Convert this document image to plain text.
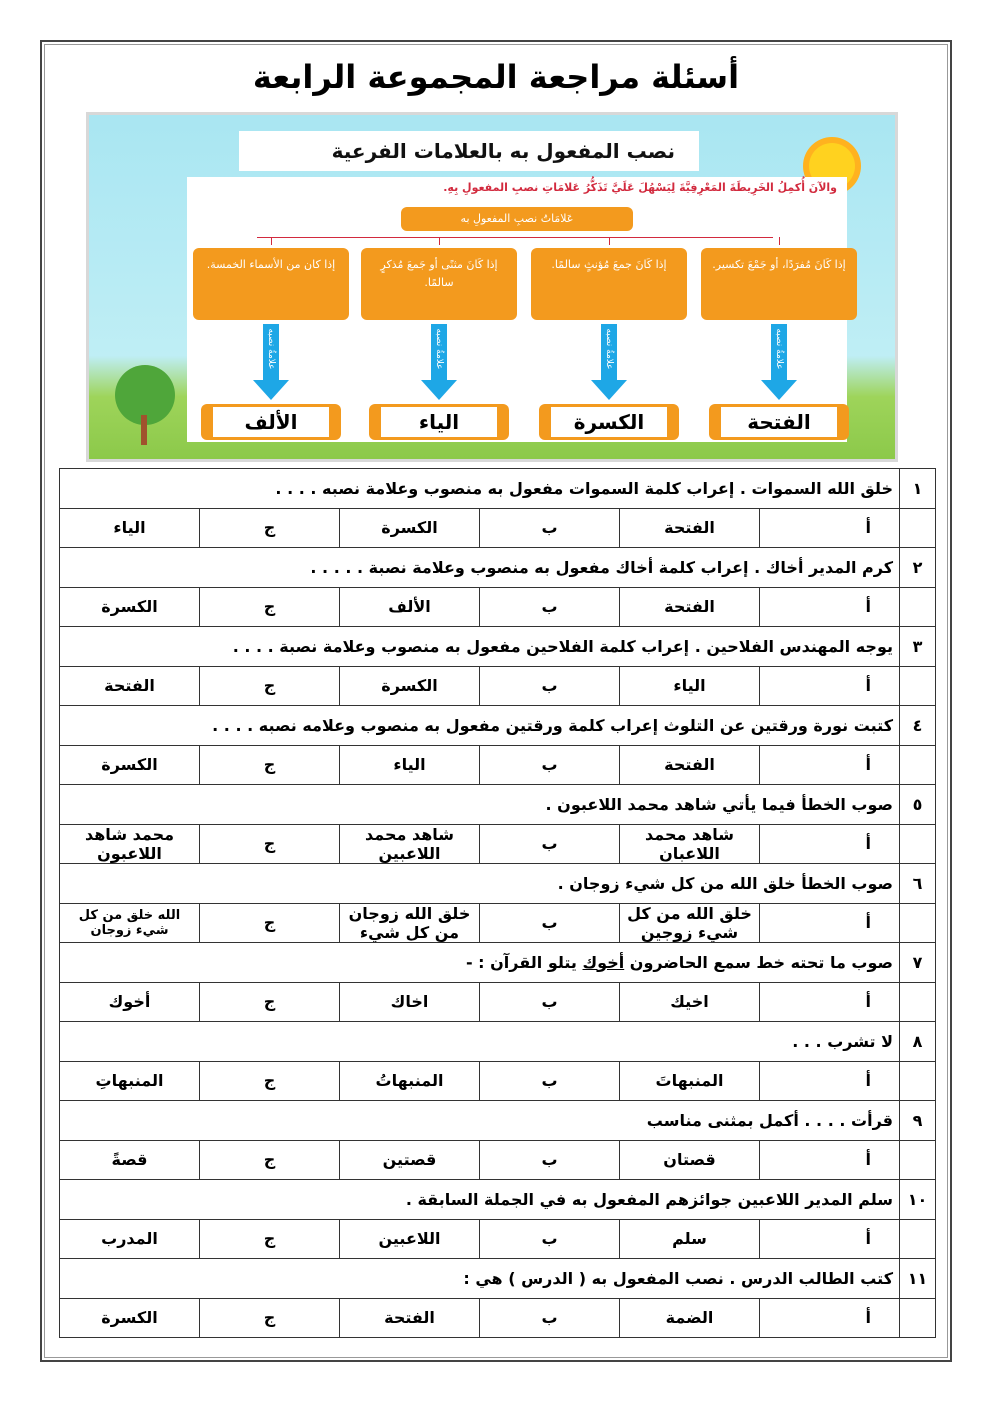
أسئلة مراجعة المجموعة الرابعة
نصب المفعول به بالعلامات الفرعية
والآنَ أُكمِلُ الخَرِيطَةَ المَعْرِفِيَّةَ لِيَسْهُلَ عَلَيَّ تَذَكُّرُ عَلامَاتِ نصبِ المفعولِ بِهِ.
عَلامَاتُ نصبِ المفعولِ به
إذا كَانَ مُفرَدًا، أو جَمْعَ تكسير.
علامةُ نصبه
الفتحة
إذا كَانَ جمعَ مُؤنثٍ سالمًا.
علامةُ نصبه
الكسرة
إذا كَانَ مثنًى أو جَمعَ مُذكرٍ سالمًا.
علامةُ نصبه
الياء
إذا كان من الأسماء الخمسة.
علامةُ نصبه
الألف
١	خلق الله السموات . إعراب كلمة السموات مفعول به منصوب وعلامة نصبه . . . .					
	أ	الفتحة	ب	الكسرة	ج	الياء
٢	كرم المدير أخاك . إعراب كلمة أخاك مفعول به منصوب وعلامة نصبة . . . . .					
	أ	الفتحة	ب	الألف	ج	الكسرة
٣	يوجه المهندس الفلاحين . إعراب كلمة الفلاحين مفعول به منصوب وعلامة نصبة . . . .					
	أ	الياء	ب	الكسرة	ج	الفتحة
٤	كتبت نورة ورقتين عن التلوث إعراب كلمة ورقتين مفعول به منصوب وعلامه نصبه . . . .					
	أ	الفتحة	ب	الياء	ج	الكسرة
٥	صوب الخطأ فيما يأتي شاهد محمد اللاعبون .					
	أ	شاهد محمد اللاعبان	ب	شاهد محمد اللاعبين	ج	محمد شاهد اللاعبون
٦	صوب الخطأ خلق الله من كل شيء زوجان .					
	أ	خلق الله من كل شيء زوجين	ب	خلق الله زوجان من كل شيء	ج	الله خلق من كل شيء زوجان
٧	صوب ما تحته خط سمع الحاضرون أخوك يتلو القرآن : -					
	أ	اخيك	ب	اخاك	ج	أخوك
٨	لا تشرب . . .					
	أ	المنبهاتَ	ب	المنبهاتُ	ج	المنبهاتِ
٩	قرأت . . . . أكمل بمثنى مناسب					
	أ	قصتان	ب	قصتين	ج	قصةً
١٠	سلم المدير اللاعبين جوائزهم المفعول به في الجملة السابقة .					
	أ	سلم	ب	اللاعبين	ج	المدرب
١١	كتب الطالب الدرس . نصب المفعول به ( الدرس ) هي :					
	أ	الضمة	ب	الفتحة	ج	الكسرة
